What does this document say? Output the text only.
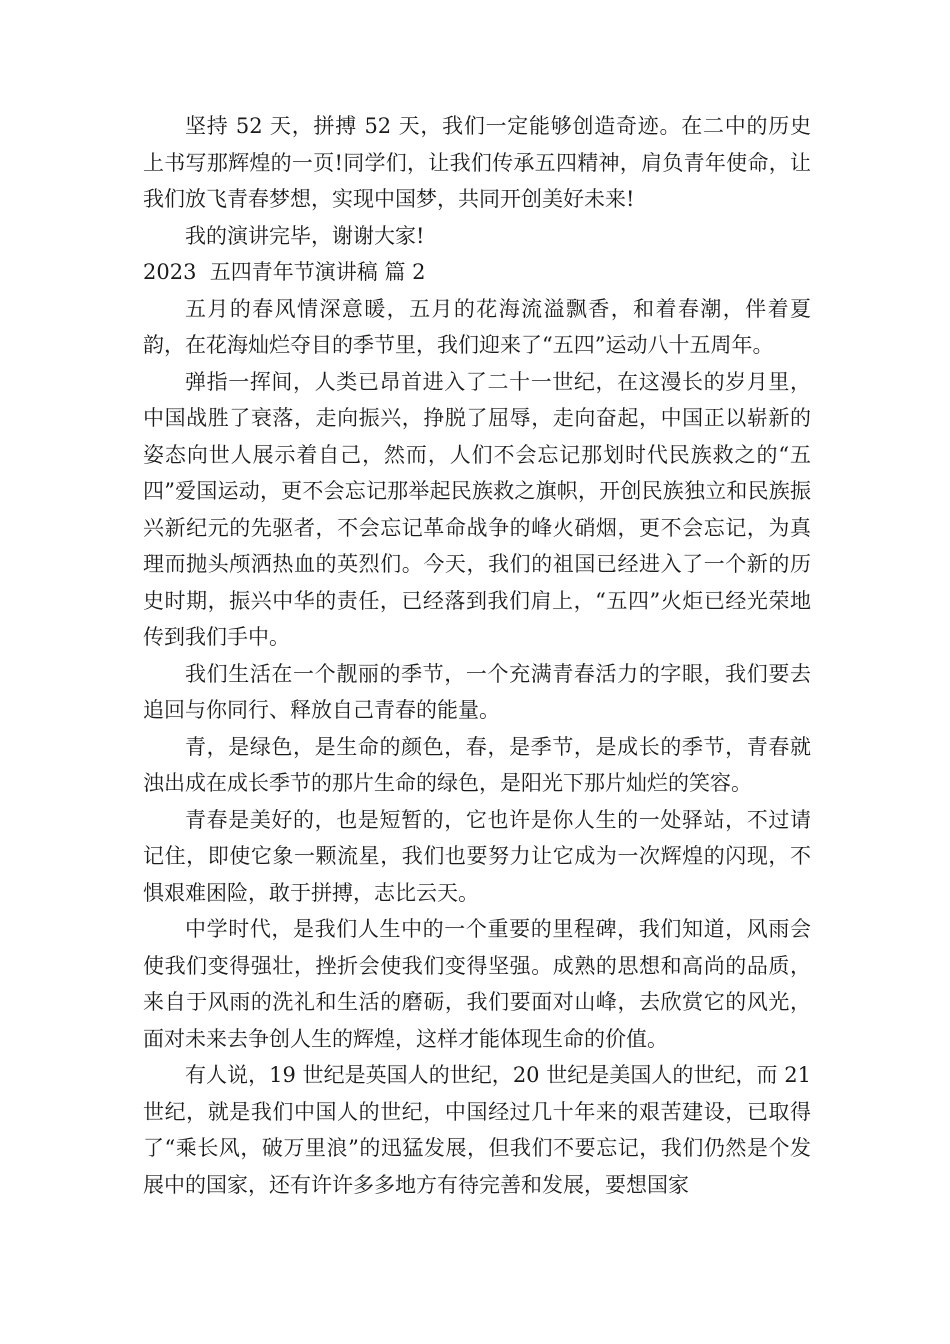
坚持 52 天，拼搏 52 天，我们一定能够创造奇迹。在二中的历史上书写那辉煌的一页!同学们，让我们传承五四精神，肩负青年使命，让我们放飞青春梦想，实现中国梦，共同开创美好未来!

我的演讲完毕，谢谢大家!

2023  五四青年节演讲稿 篇 2

五月的春风情深意暖，五月的花海流溢飘香，和着春潮，伴着夏韵，在花海灿烂夺目的季节里，我们迎来了“五四”运动八十五周年。

弹指一挥间，人类已昂首进入了二十一世纪，在这漫长的岁月里，中国战胜了衰落，走向振兴，挣脱了屈辱，走向奋起，中国正以崭新的姿态向世人展示着自己，然而，人们不会忘记那划时代民族救之的“五四”爱国运动，更不会忘记那举起民族救之旗帜，开创民族独立和民族振兴新纪元的先驱者，不会忘记革命战争的峰火硝烟，更不会忘记，为真理而抛头颅洒热血的英烈们。今天，我们的祖国已经进入了一个新的历史时期，振兴中华的责任，已经落到我们肩上，“五四”火炬已经光荣地传到我们手中。

我们生活在一个靓丽的季节，一个充满青春活力的字眼，我们要去追回与你同行、释放自己青春的能量。

青，是绿色，是生命的颜色，春，是季节，是成长的季节，青春就浊出成在成长季节的那片生命的绿色，是阳光下那片灿烂的笑容。

青春是美好的，也是短暂的，它也许是你人生的一处驿站，不过请记住，即使它象一颗流星，我们也要努力让它成为一次辉煌的闪现，不惧艰难困险，敢于拼搏，志比云天。

中学时代，是我们人生中的一个重要的里程碑，我们知道，风雨会使我们变得强壮，挫折会使我们变得坚强。成熟的思想和高尚的品质，来自于风雨的洗礼和生活的磨砺，我们要面对山峰，去欣赏它的风光，面对未来去争创人生的辉煌，这样才能体现生命的价值。

有人说，19 世纪是英国人的世纪，20 世纪是美国人的世纪，而 21 世纪，就是我们中国人的世纪，中国经过几十年来的艰苦建设，已取得了“乘长风，破万里浪”的迅猛发展，但我们不要忘记，我们仍然是个发展中的国家，还有许许多多地方有待完善和发展，要想国家
